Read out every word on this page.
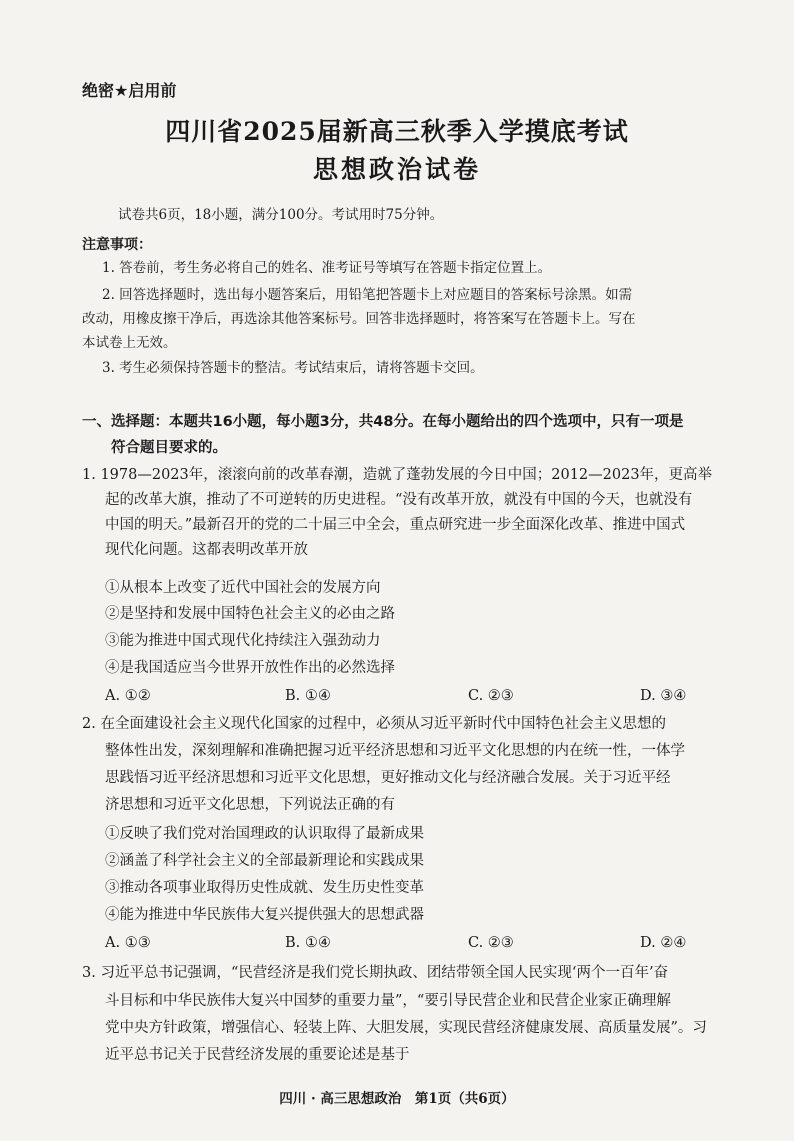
绝密★启用前
四川省2025届新高三秋季入学摸底考试
思想政治试卷
试卷共6页，18小题，满分100分。考试用时75分钟。
注意事项：
1. 答卷前，考生务必将自己的姓名、准考证号等填写在答题卡指定位置上。
2. 回答选择题时，选出每小题答案后，用铅笔把答题卡上对应题目的答案标号涂黑。如需
改动，用橡皮擦干净后，再选涂其他答案标号。回答非选择题时，将答案写在答题卡上。写在
本试卷上无效。
3. 考生必须保持答题卡的整洁。考试结束后，请将答题卡交回。
一、选择题：本题共16小题，每小题3分，共48分。在每小题给出的四个选项中，只有一项是
符合题目要求的。
1. 1978—2023年，滚滚向前的改革春潮，造就了蓬勃发展的今日中国；2012—2023年，更高举
起的改革大旗，推动了不可逆转的历史进程。“没有改革开放，就没有中国的今天，也就没有
中国的明天。”最新召开的党的二十届三中全会，重点研究进一步全面深化改革、推进中国式
现代化问题。这都表明改革开放
①从根本上改变了近代中国社会的发展方向
②是坚持和发展中国特色社会主义的必由之路
③能为推进中国式现代化持续注入强劲动力
④是我国适应当今世界开放性作出的必然选择
A. ①②	B. ①④	C. ②③	D. ③④
2. 在全面建设社会主义现代化国家的过程中，必须从习近平新时代中国特色社会主义思想的
整体性出发，深刻理解和准确把握习近平经济思想和习近平文化思想的内在统一性，一体学
思践悟习近平经济思想和习近平文化思想，更好推动文化与经济融合发展。关于习近平经
济思想和习近平文化思想，下列说法正确的有
①反映了我们党对治国理政的认识取得了最新成果
②涵盖了科学社会主义的全部最新理论和实践成果
③推动各项事业取得历史性成就、发生历史性变革
④能为推进中华民族伟大复兴提供强大的思想武器
A. ①③	B. ①④	C. ②③	D. ②④
3. 习近平总书记强调，“民营经济是我们党长期执政、团结带领全国人民实现‘两个一百年’奋
斗目标和中华民族伟大复兴中国梦的重要力量”，“要引导民营企业和民营企业家正确理解
党中央方针政策，增强信心、轻装上阵、大胆发展，实现民营经济健康发展、高质量发展”。习
近平总书记关于民营经济发展的重要论述是基于
四川 · 高三思想政治　第1页（共6页）
